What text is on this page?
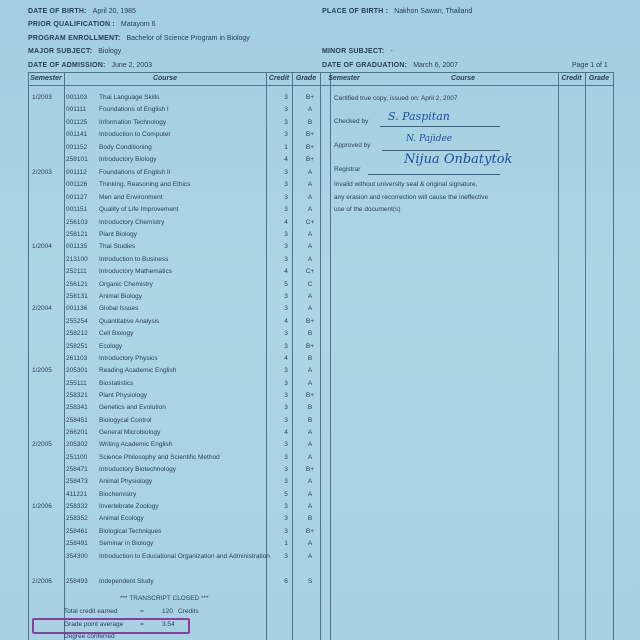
DATE OF BIRTH: April 20, 1985	PLACE OF BIRTH : Nakhon Sawan, Thailand
PRIOR QUALIFICATION : Matayom 6
PROGRAM ENROLLMENT: Bachelor of Science Program in Biology
MAJOR SUBJECT: Biology	MINOR SUBJECT: -
DATE OF ADMISSION: June 2, 2003	DATE OF GRADUATION: March 6, 2007	Page 1 of 1
Semester	Course	Credit Grade	Semester	Course	Credit	Grade
1/2003	001103	Thai Language Skills	3	B+
001111	Foundations of English I	3	A
001125	Information Technology	3	B
001141	Introduction to Computer	3	B+
001152	Body Conditioning	1	B+
258101	Introductory Biology	4	B+
2/2003	001112	Foundations of English II	3	A
001126	Thinking, Reasoning and Ethics	3	A
001127	Men and Environment	3	A
001151	Quality of Life Improvement	3	A
256103	Introductory Chemistry	4	C+
258121	Plant Biology	3	A
1/2004	001135	Thai Studies	3	A
213100	Introduction to Business	3	A
252111	Introductory Mathematics	4	C+
256121	Organic Chemistry	5	C
258131	Animal Biology	3	A
2/2004	001136	Global Issues	3	A
255254	Quantitative Analysis	4	B+
258212	Cell Biology	3	B
258251	Ecology	3	B+
261103	Introductory Physics	4	B
1/2005	205301	Reading Academic English	3	A
255111	Biostatistics	3	A
258321	Plant Physiology	3	B+
258341	Genetics and Evolution	3	B
258451	Biologycal Control	3	B
266201	General Microbiology	4	A
2/2005	205302	Writing Academic English	3	A
251100	Science Philosophy and Scientific Method	3	A
258471	Introductory Biotechnology	3	B+
258473	Animal Physiology	3	A
411221	Biochemistry	5	A
1/2006	258332	Invertebrate Zoology	3	A
258352	Animal Ecology	3	B
258461	Biological Techniques	3	B+
258491	Seminar in Biology	1	A
354300	Introduction to Educational Organization and Administration	3	A
2/2006	258493	Independent Study	6	S
Certified true copy, issued on: April 2, 2007
Checked by S. Paspitan
Approved by
N. Pajidee
Registrar
Nijua Onbatytok
Invalid without university seal & original signature,
any erasion and recorrection will cause the ineffective
use of the document(s)
*** TRANSCRIPT CLOSED ***
Total credit earned	=	120 Credits
Grade point average	=	3.54
Degree conferred
